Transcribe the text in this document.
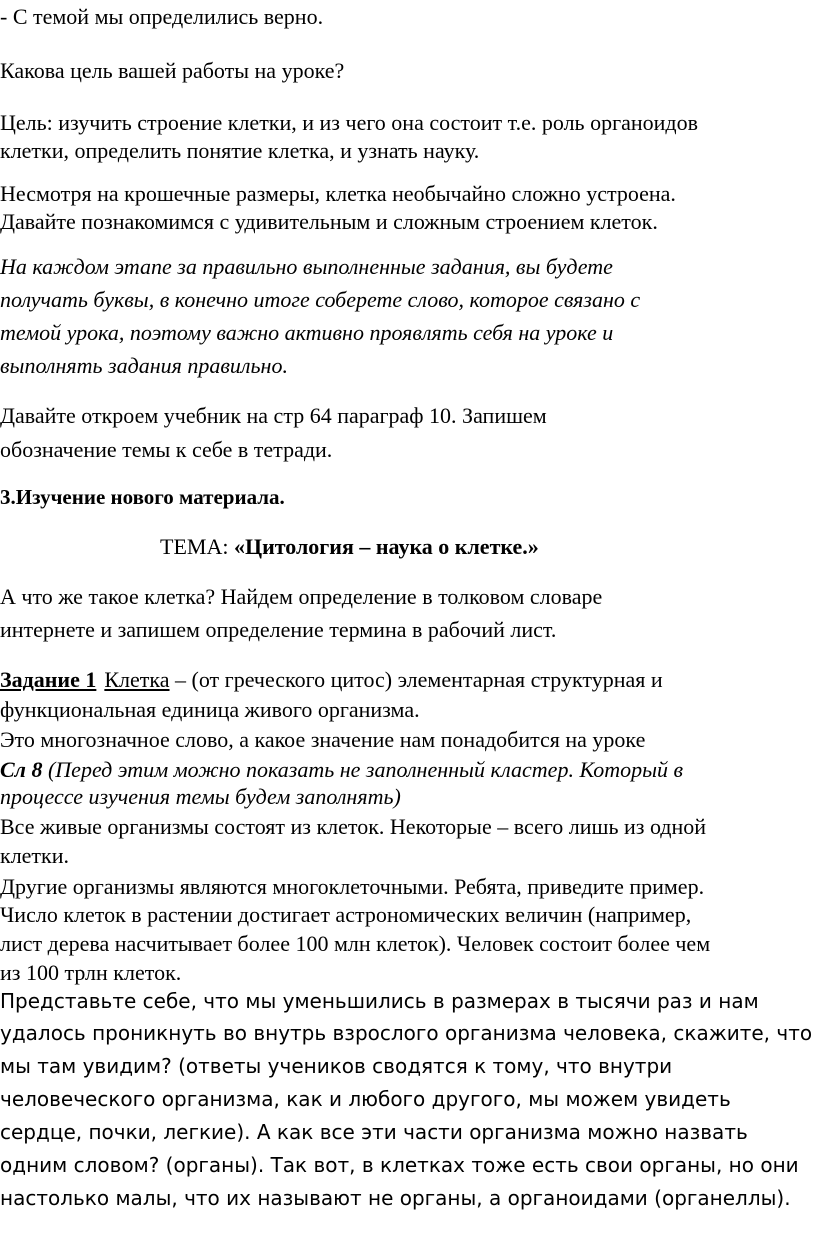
- С темой мы определились верно.
Какова цель вашей работы на уроке?
Цель: изучить строение клетки, и из чего она состоит т.е. роль органоидов
клетки, определить понятие клетка, и узнать науку.
Несмотря на крошечные размеры, клетка необычайно сложно устроена.
Давайте познакомимся с удивительным и сложным строением клеток.
На каждом этапе за правильно выполненные задания, вы будете
получать буквы, в конечно итоге соберете слово, которое связано с
темой урока, поэтому важно активно проявлять себя на уроке и
выполнять задания правильно.
Давайте откроем учебник на стр 64 параграф 10. Запишем
обозначение темы к себе в тетради.
3.Изучение нового материала.
ТЕМА: «Цитология – наука о клетке.»
А что же такое клетка? Найдем определение в толковом словаре
интернете и запишем определение термина в рабочий лист.
Задание 1 Клетка – (от греческого цитос) элементарная структурная и
функциональная единица живого организма.
Это многозначное слово, а какое значение нам понадобится на уроке
Сл 8 (Перед этим можно показать не заполненный кластер. Который в
процессе изучения темы будем заполнять)
Все живые организмы состоят из клеток. Некоторые – всего лишь из одной
клетки.
Другие организмы являются многоклеточными. Ребята, приведите пример.
Число клеток в растении достигает астрономических величин (например,
лист дерева насчитывает более 100 млн клеток). Человек состоит более чем
из 100 трлн клеток.
Представьте себе, что мы уменьшились в размерах в тысячи раз и нам
удалось проникнуть во внутрь взрослого организма человека, скажите, что
мы там увидим? (ответы учеников сводятся к тому, что внутри
человеческого организма, как и любого другого, мы можем увидеть
сердце, почки, легкие). А как все эти части организма можно назвать
одним словом? (органы). Так вот, в клетках тоже есть свои органы, но они
настолько малы, что их называют не органы, а органоидами (органеллы).
